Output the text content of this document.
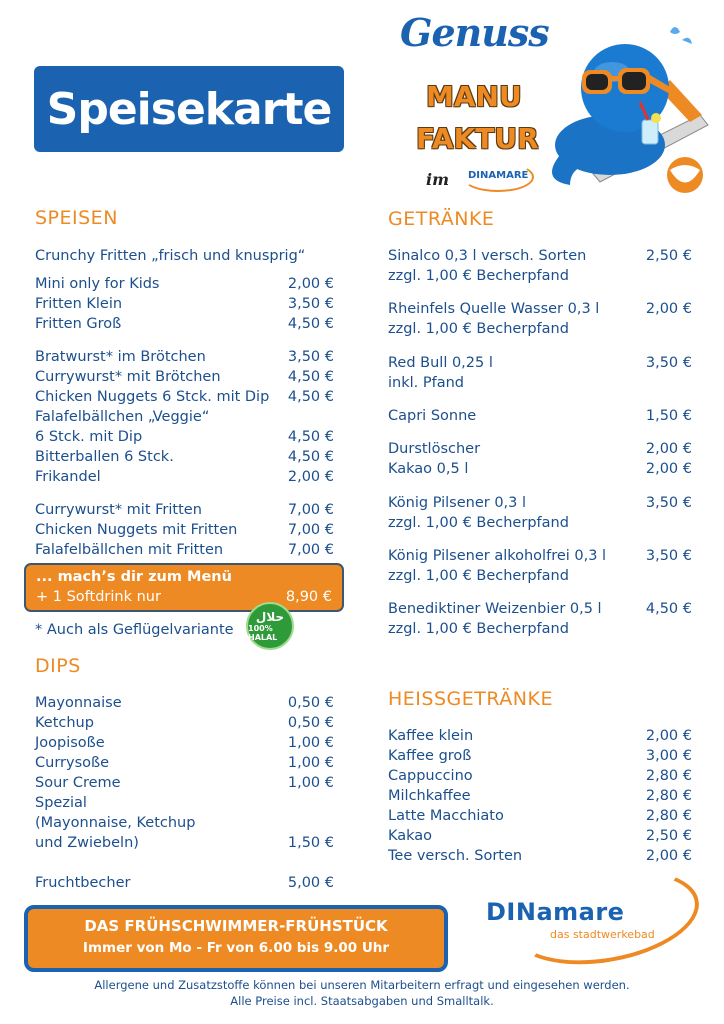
Speisekarte
Genuss
MANU
FAKTUR
im DINAMARE
SPEISEN
Crunchy Fritten „frisch und knusprig“
Mini only for Kids	2,00 €
Fritten Klein	3,50 €
Fritten Groß	4,50 €
Bratwurst* im Brötchen	3,50 €
Currywurst* mit Brötchen	4,50 €
Chicken Nuggets 6 Stck. mit Dip 4,50 €
Falafelbällchen „Veggie“
6 Stck. mit Dip	4,50 €
Bitterballen 6 Stck.	4,50 €
Frikandel	2,00 €
Currywurst* mit Fritten	7,00 €
Chicken Nuggets mit Fritten	7,00 €
Falafelbällchen mit Fritten	7,00 €
... mach’s dir zum Menü
+ 1 Softdrink nur	8,90 €
* Auch als Geflügelvariante
حلال
100% HALAL
DIPS
Mayonnaise	0,50 €
Ketchup	0,50 €
Joopisoße	1,00 €
Currysoße	1,00 €
Sour Creme	1,00 €
Spezial
(Mayonnaise, Ketchup
und Zwiebeln)	1,50 €
Fruchtbecher	5,00 €
GETRÄNKE
Sinalco 0,3 l versch. Sorten
zzgl. 1,00 € Becherpfand
2,50 €
Rheinfels Quelle Wasser 0,3 l
zzgl. 1,00 € Becherpfand
2,00 €
Red Bull 0,25 l
inkl. Pfand
3,50 €
Capri Sonne	1,50 €
Durstlöscher	2,00 €
Kakao 0,5 l	2,00 €
König Pilsener 0,3 l
zzgl. 1,00 € Becherpfand
3,50 €
König Pilsener alkoholfrei 0,3 l
zzgl. 1,00 € Becherpfand
3,50 €
Benediktiner Weizenbier 0,5 l
zzgl. 1,00 € Becherpfand
4,50 €
HEISSGETRÄNKE
Kaffee klein	2,00 €
Kaffee groß	3,00 €
Cappuccino	2,80 €
Milchkaffee	2,80 €
Latte Macchiato	2,80 €
Kakao	2,50 €
Tee versch. Sorten	2,00 €
DAS FRÜHSCHWIMMER-FRÜHSTÜCK
Immer von Mo - Fr von 6.00 bis 9.00 Uhr
DINamare
das stadtwerkebad
Allergene und Zusatzstoffe können bei unseren Mitarbeitern erfragt und eingesehen werden.
Alle Preise incl. Staatsabgaben und Smalltalk.
